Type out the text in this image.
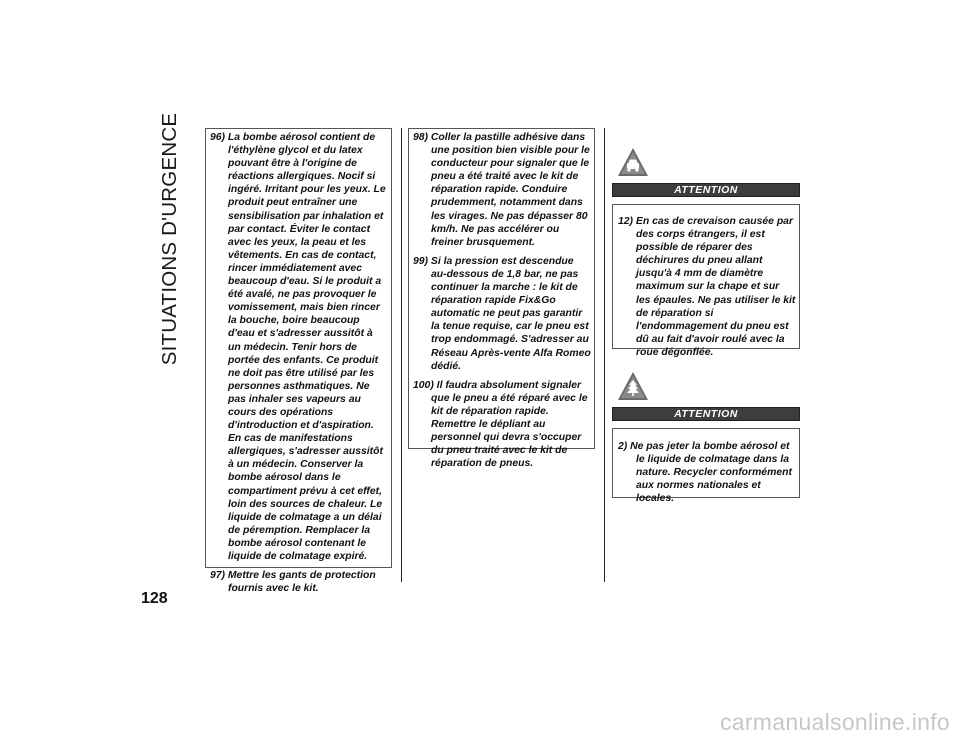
SITUATIONS D'URGENCE	96) La bombe aérosol contient de l'éthylène glycol et du latex pouvant être à l'origine de réactions allergiques. Nocif si ingéré. Irritant pour les yeux. Le produit peut entraîner une sensibilisation par inhalation et par contact. Éviter le contact avec les yeux, la peau et les vêtements. En cas de contact, rincer immédiatement avec beaucoup d'eau. Si le produit a été avalé, ne pas provoquer le vomissement, mais bien rincer la bouche, boire beaucoup d'eau et s'adresser aussitôt à un médecin. Tenir hors de portée des enfants. Ce produit ne doit pas être utilisé par les personnes asthmatiques. Ne pas inhaler ses vapeurs au cours des opérations d'introduction et d'aspiration. En cas de manifestations allergiques, s'adresser aussitôt à un médecin. Conserver la bombe aérosol dans le compartiment prévu à cet effet, loin des sources de chaleur. Le liquide de colmatage a un délai de péremption. Remplacer la bombe aérosol contenant le liquide de colmatage expiré.

97) Mettre les gants de protection fournis avec le kit.

98) Coller la pastille adhésive dans une position bien visible pour le conducteur pour signaler que le pneu a été traité avec le kit de réparation rapide. Conduire prudemment, notamment dans les virages. Ne pas dépasser 80 km/h. Ne pas accélérer ou freiner brusquement.

99) Si la pression est descendue au-dessous de 1,8 bar, ne pas continuer la marche : le kit de réparation rapide Fix&Go automatic ne peut pas garantir la tenue requise, car le pneu est trop endommagé. S'adresser au Réseau Après-vente Alfa Romeo dédié.

100) Il faudra absolument signaler que le pneu a été réparé avec le kit de réparation rapide. Remettre le dépliant au personnel qui devra s'occuper du pneu traité avec le kit de réparation de pneus.

ATTENTION

12) En cas de crevaison causée par des corps étrangers, il est possible de réparer des déchirures du pneu allant jusqu'à 4 mm de diamètre maximum sur la chape et sur les épaules. Ne pas utiliser le kit de réparation si l'endommagement du pneu est dû au fait d'avoir roulé avec la roue dégonflée.

ATTENTION

2) Ne pas jeter la bombe aérosol et le liquide de colmatage dans la nature. Recycler conformément aux normes nationales et locales.

128
carmanualsonline.info
